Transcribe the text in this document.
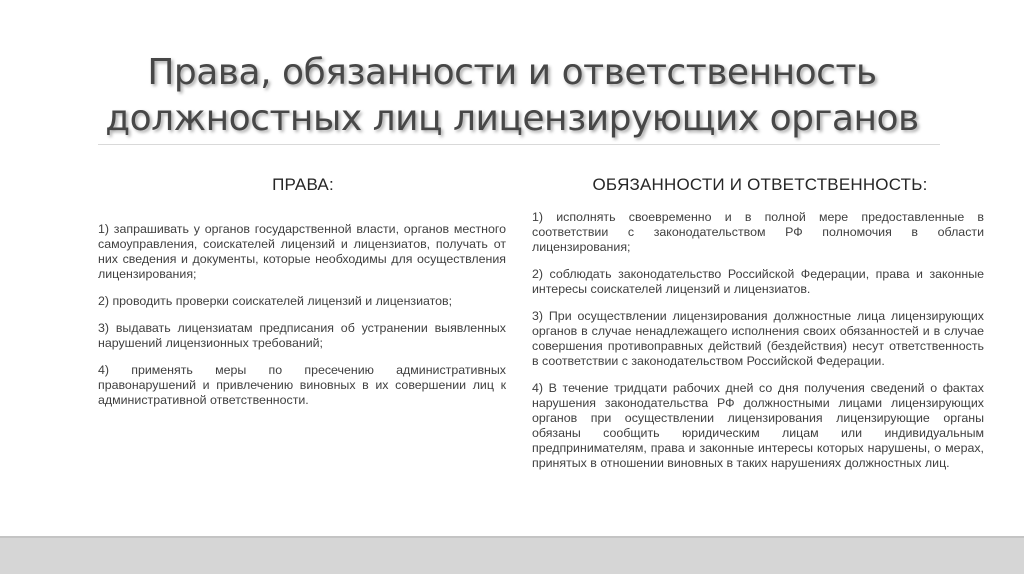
Права, обязанности и ответственность
должностных лиц лицензирующих органов
ПРАВА:	ОБЯЗАННОСТИ И ОТВЕТСТВЕННОСТЬ:

1) запрашивать у органов государственной власти, органов местного самоуправления, соискателей лицензий и лицензиатов, получать от них сведения и документы, которые необходимы для осуществления лицензирования;

2) проводить проверки соискателей лицензий и лицензиатов;

3) выдавать лицензиатам предписания об устранении выявленных нарушений лицензионных требований;

4) применять меры по пресечению административных правонарушений и привлечению виновных в их совершении лиц к административной ответственности.

1) исполнять своевременно и в полной мере предоставленные в соответствии с законодательством РФ полномочия в области лицензирования;

2) соблюдать законодательство Российской Федерации, права и законные интересы соискателей лицензий и лицензиатов.

3) При осуществлении лицензирования должностные лица лицензирующих органов в случае ненадлежащего исполнения своих обязанностей и в случае совершения противоправных действий (бездействия) несут ответственность в соответствии с законодательством Российской Федерации.

4) В течение тридцати рабочих дней со дня получения сведений о фактах нарушения законодательства РФ должностными лицами лицензирующих органов при осуществлении лицензирования лицензирующие органы обязаны сообщить юридическим лицам или индивидуальным предпринимателям, права и законные интересы которых нарушены, о мерах, принятых в отношении виновных в таких нарушениях должностных лиц.
